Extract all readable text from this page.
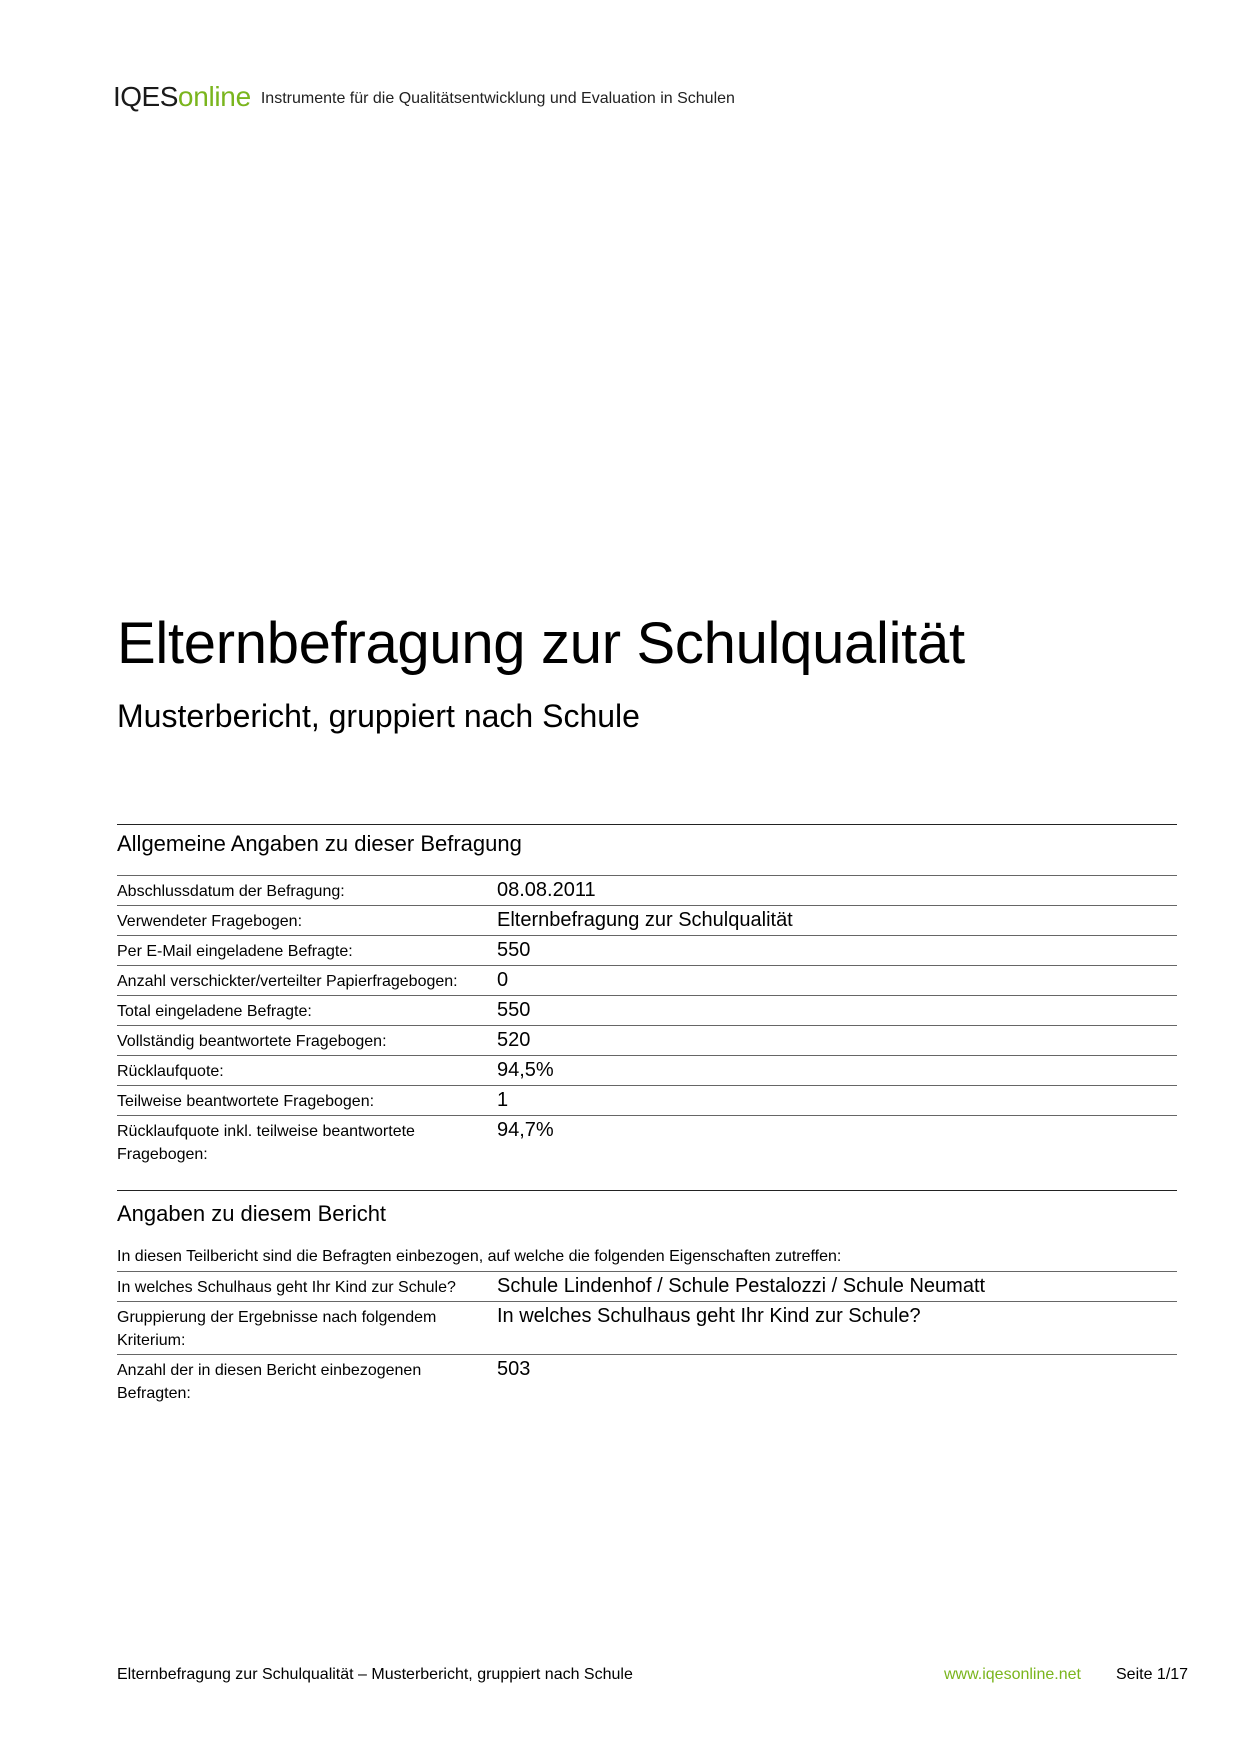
IQESonline Instrumente für die Qualitätsentwicklung und Evaluation in Schulen
Elternbefragung zur Schulqualität
Musterbericht, gruppiert nach Schule
Allgemeine Angaben zu dieser Befragung
Abschlussdatum der Befragung:	08.08.2011
Verwendeter Fragebogen:	Elternbefragung zur Schulqualität
Per E-Mail eingeladene Befragte:	550
Anzahl verschickter/verteilter Papierfragebogen:	0
Total eingeladene Befragte:	550
Vollständig beantwortete Fragebogen:	520
Rücklaufquote:	94,5%
Teilweise beantwortete Fragebogen:	1
Rücklaufquote inkl. teilweise beantwortete Fragebogen:	94,7%
Angaben zu diesem Bericht
In diesen Teilbericht sind die Befragten einbezogen, auf welche die folgenden Eigenschaften zutreffen:
In welches Schulhaus geht Ihr Kind zur Schule?	Schule Lindenhof / Schule Pestalozzi / Schule Neumatt
Gruppierung der Ergebnisse nach folgendem Kriterium:	In welches Schulhaus geht Ihr Kind zur Schule?
Anzahl der in diesen Bericht einbezogenen Befragten:	503
Elternbefragung zur Schulqualität – Musterbericht, gruppiert nach Schule	www.iqesonline.net Seite 1/17
